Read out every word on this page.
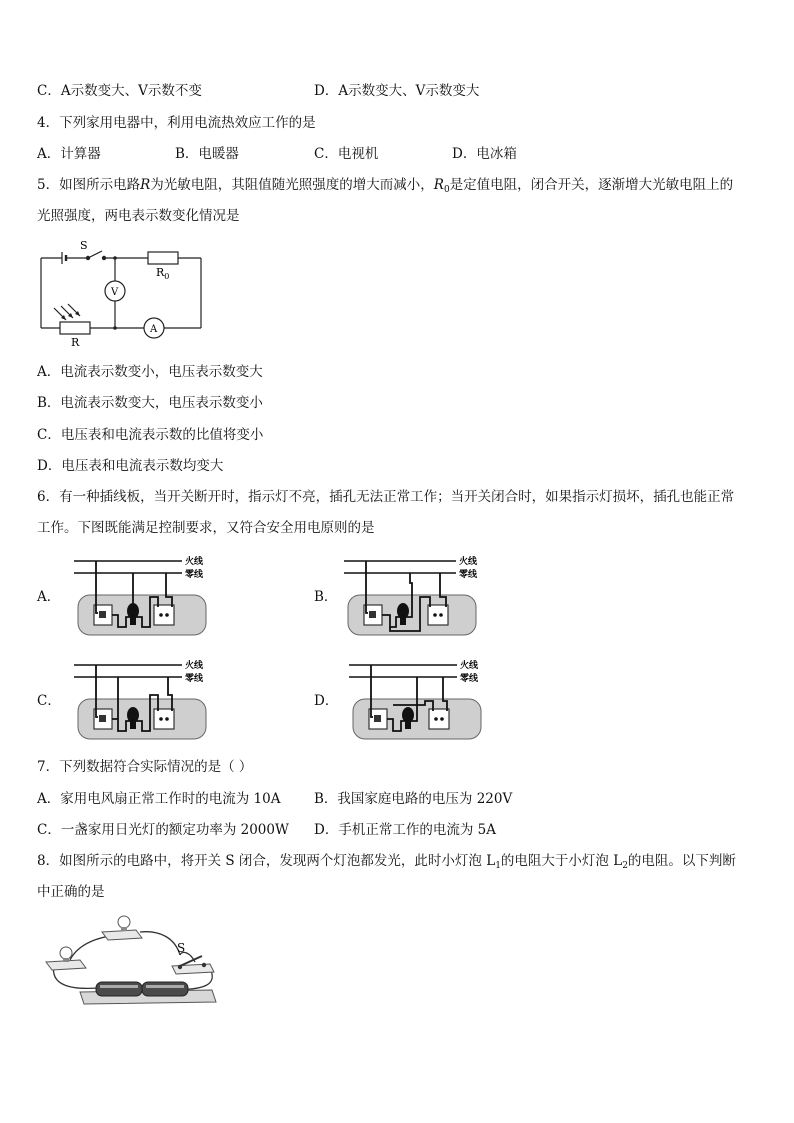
C．A示数变大、V示数不变	D．A示数变大、V示数变大
4．下列家用电器中，利用电流热效应工作的是
A．计算器	B．电暖器	C．电视机	D．电冰箱
5．如图所示电路R为光敏电阻，其阻值随光照强度的增大而减小，$R_0$是定值电阻，闭合开关，逐渐增大光敏电阻上的
光照强度，两电表示数变化情况是
S
$R_0$
V
A
R
A．电流表示数变小，电压表示数变大
B．电流表示数变大，电压表示数变小
C．电压表和电流表示数的比值将变小
D．电压表和电流表示数均变大
6．有一种插线板，当开关断开时，指示灯不亮，插孔无法正常工作；当开关闭合时，如果指示灯损坏，插孔也能正常
工作。下图既能满足控制要求，又符合安全用电原则的是
A．
火线
零线
B．
火线
零线
C．
火线
零线
D．
火线
零线
7．下列数据符合实际情况的是（ ）
A．家用电风扇正常工作时的电流为 10A B．我国家庭电路的电压为 220V
C．一盏家用日光灯的额定功率为 2000W D．手机正常工作的电流为 5A
8．如图所示的电路中，将开关 S 闭合，发现两个灯泡都发光，此时小灯泡 $L_1$的电阻大于小灯泡 $L_2$的电阻。以下判断
中正确的是
S
